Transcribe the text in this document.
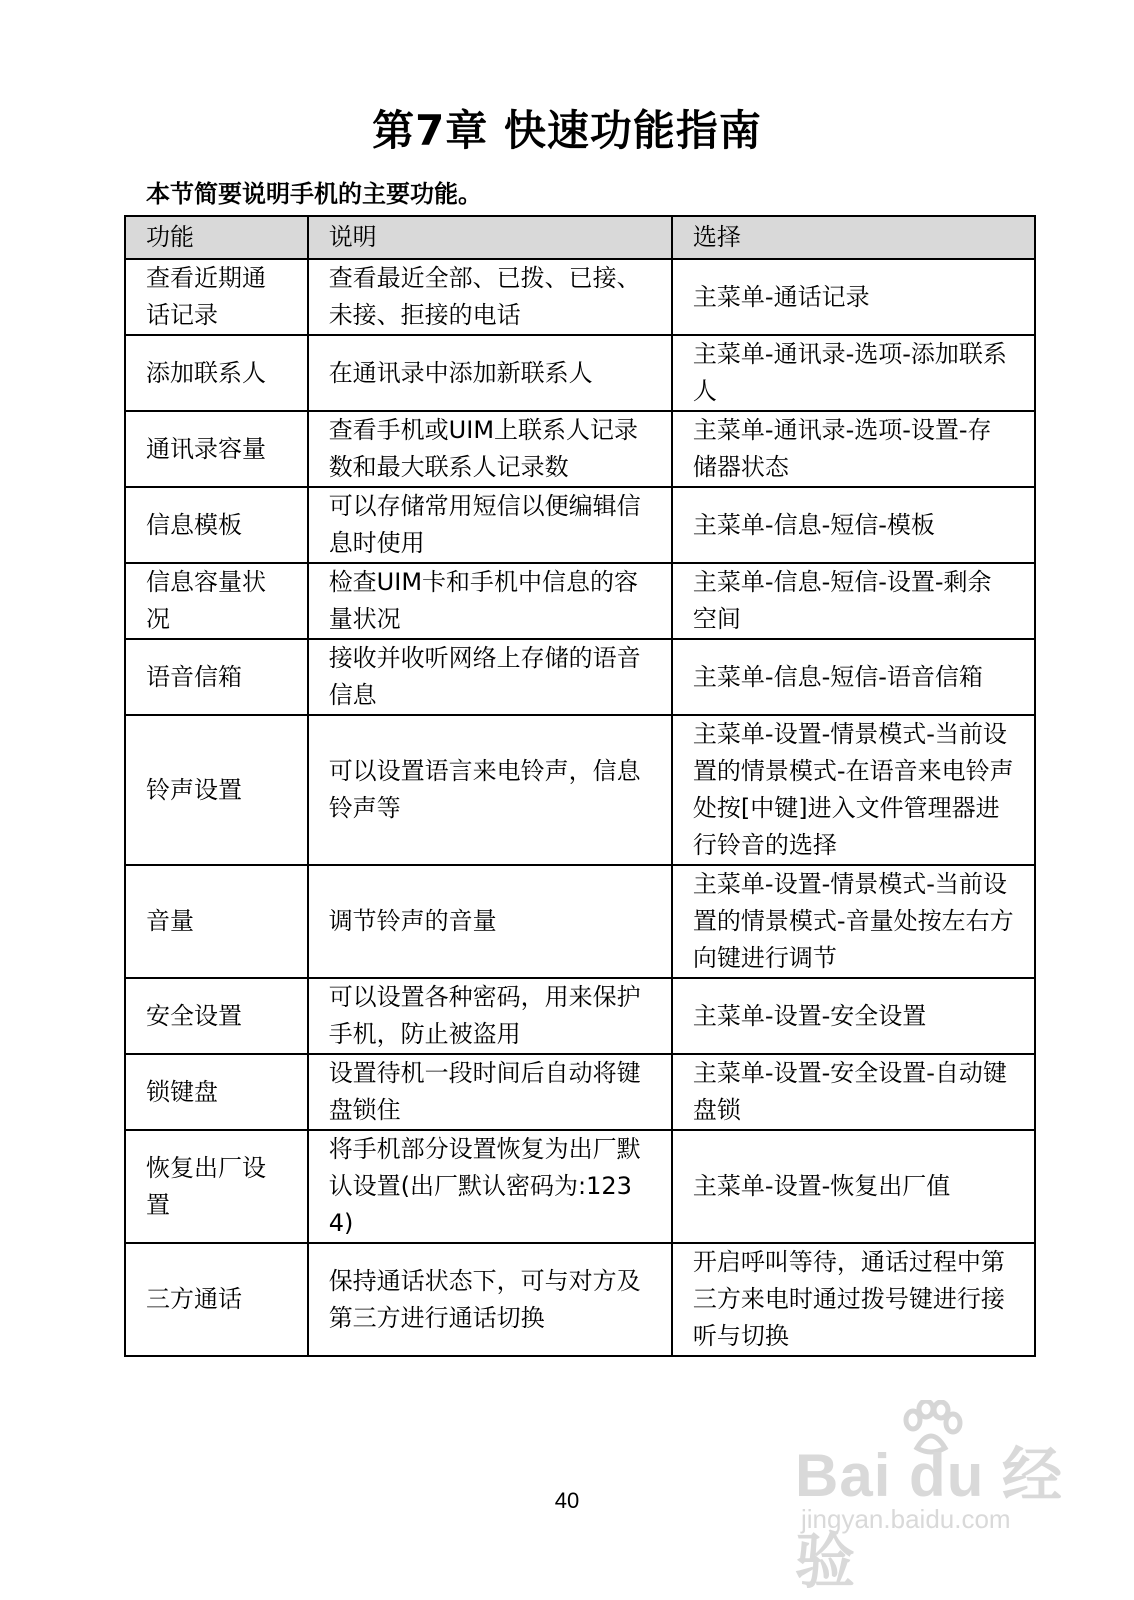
第7章 快速功能指南
本节简要说明手机的主要功能。
功能	说明	选择
查看近期通话记录	查看最近全部、已拨、已接、未接、拒接的电话	主菜单-通话记录
添加联系人	在通讯录中添加新联系人	主菜单-通讯录-选项-添加联系人
通讯录容量	查看手机或UIM上联系人记录数和最大联系人记录数	主菜单-通讯录-选项-设置-存储器状态
信息模板	可以存储常用短信以便编辑信息时使用	主菜单-信息-短信-模板
信息容量状况	检查UIM卡和手机中信息的容量状况	主菜单-信息-短信-设置-剩余空间
语音信箱	接收并收听网络上存储的语音信息	主菜单-信息-短信-语音信箱
铃声设置	可以设置语言来电铃声，信息铃声等	主菜单-设置-情景模式-当前设置的情景模式-在语音来电铃声处按[中键]进入文件管理器进行铃音的选择
音量	调节铃声的音量	主菜单-设置-情景模式-当前设置的情景模式-音量处按左右方向键进行调节
安全设置	可以设置各种密码，用来保护手机，防止被盗用	主菜单-设置-安全设置
锁键盘	设置待机一段时间后自动将键盘锁住	主菜单-设置-安全设置-自动键盘锁
恢复出厂设置	将手机部分设置恢复为出厂默认设置(出厂默认密码为:1234)	主菜单-设置-恢复出厂值
三方通话	保持通话状态下，可与对方及第三方进行通话切换	开启呼叫等待，通话过程中第三方来电时通过拨号键进行接听与切换
Bai du 经验
jingyan.baidu.com
40
